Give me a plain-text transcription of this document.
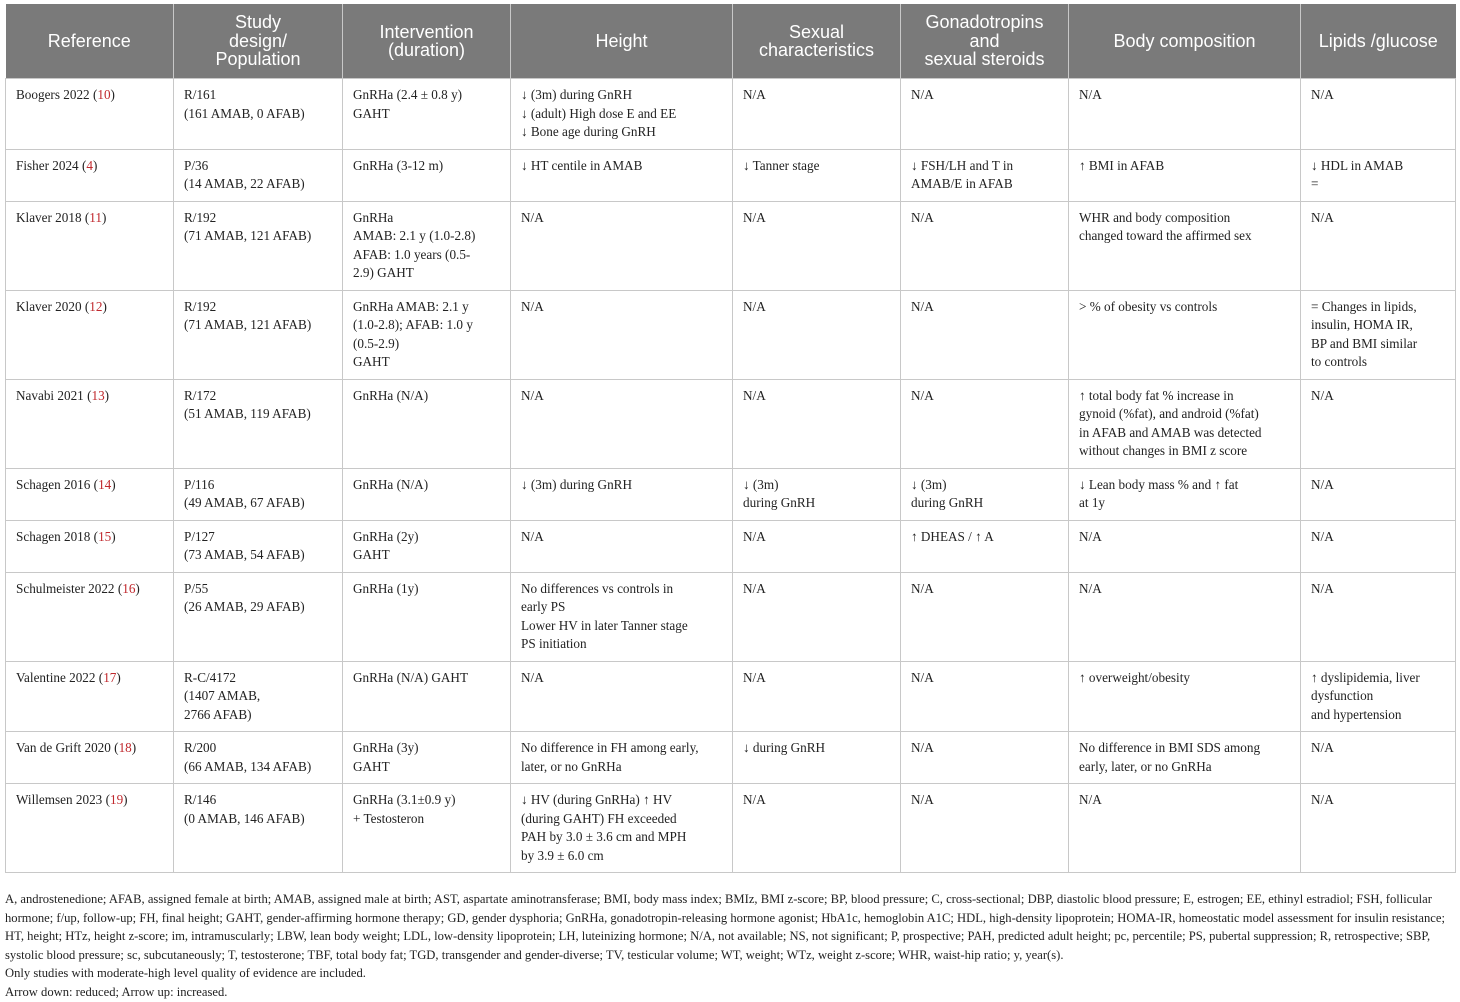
Reference	Study
design/
Population	Intervention
(duration)	Height	Sexual
characteristics	Gonadotropins
and
sexual steroids	Body composition	Lipids /glucose
Boogers 2022 (10)	R/161
(161 AMAB, 0 AFAB)	GnRHa (2.4 ± 0.8 y)
GAHT	↓ (3m) during GnRH
↓ (adult) High dose E and EE
↓ Bone age during GnRH	N/A	N/A	N/A	N/A
Fisher 2024 (4)	P/36
(14 AMAB, 22 AFAB)	GnRHa (3-12 m)	↓ HT centile in AMAB	↓ Tanner stage	↓ FSH/LH and T in
AMAB/E in AFAB	↑ BMI in AFAB	↓ HDL in AMAB
=
Klaver 2018 (11)	R/192
(71 AMAB, 121 AFAB)	GnRHa
AMAB: 2.1 y (1.0-2.8)
AFAB: 1.0 years (0.5-
2.9) GAHT	N/A	N/A	N/A	WHR and body composition
changed toward the affirmed sex	N/A
Klaver 2020 (12)	R/192
(71 AMAB, 121 AFAB)	GnRHa AMAB: 2.1 y
(1.0-2.8); AFAB: 1.0 y
(0.5-2.9)
GAHT	N/A	N/A	N/A	> % of obesity vs controls	= Changes in lipids,
insulin, HOMA IR,
BP and BMI similar
to controls
Navabi 2021 (13)	R/172
(51 AMAB, 119 AFAB)	GnRHa (N/A)	N/A	N/A	N/A	↑ total body fat % increase in
gynoid (%fat), and android (%fat)
in AFAB and AMAB was detected
without changes in BMI z score	N/A
Schagen 2016 (14)	P/116
(49 AMAB, 67 AFAB)	GnRHa (N/A)	↓ (3m) during GnRH	↓ (3m)
during GnRH	↓ (3m)
during GnRH	↓ Lean body mass % and ↑ fat
at 1y	N/A
Schagen 2018 (15)	P/127
(73 AMAB, 54 AFAB)	GnRHa (2y)
GAHT	N/A	N/A	↑ DHEAS / ↑ A	N/A	N/A
Schulmeister 2022 (16)	P/55
(26 AMAB, 29 AFAB)	GnRHa (1y)	No differences vs controls in
early PS
Lower HV in later Tanner stage
PS initiation	N/A	N/A	N/A	N/A
Valentine 2022 (17)	R-C/4172
(1407 AMAB,
2766 AFAB)	GnRHa (N/A) GAHT	N/A	N/A	N/A	↑ overweight/obesity	↑ dyslipidemia, liver
dysfunction
and hypertension
Van de Grift 2020 (18)	R/200
(66 AMAB, 134 AFAB)	GnRHa (3y)
GAHT	No difference in FH among early,
later, or no GnRHa	↓ during GnRH	N/A	No difference in BMI SDS among
early, later, or no GnRHa	N/A
Willemsen 2023 (19)	R/146
(0 AMAB, 146 AFAB)	GnRHa (3.1±0.9 y)
+ Testosteron	↓ HV (during GnRHa) ↑ HV
(during GAHT) FH exceeded
PAH by 3.0 ± 3.6 cm and MPH
by 3.9 ± 6.0 cm	N/A	N/A	N/A	N/A

A, androstenedione; AFAB, assigned female at birth; AMAB, assigned male at birth; AST, aspartate aminotransferase; BMI, body mass index; BMIz, BMI z-score; BP, blood pressure; C, cross-sectional; DBP, diastolic blood pressure; E, estrogen; EE, ethinyl estradiol; FSH, follicular hormone; f/up, follow-up; FH, final height; GAHT, gender-affirming hormone therapy; GD, gender dysphoria; GnRHa, gonadotropin-releasing hormone agonist; HbA1c, hemoglobin A1C; HDL, high-density lipoprotein; HOMA-IR, homeostatic model assessment for insulin resistance; HT, height; HTz, height z-score; im, intramuscularly; LBW, lean body weight; LDL, low-density lipoprotein; LH, luteinizing hormone; N/A, not available; NS, not significant; P, prospective; PAH, predicted adult height; pc, percentile; PS, pubertal suppression; R, retrospective; SBP, systolic blood pressure; sc, subcutaneously; T, testosterone; TBF, total body fat; TGD, transgender and gender-diverse; TV, testicular volume; WT, weight; WTz, weight z-score; WHR, waist-hip ratio; y, year(s).

Only studies with moderate-high level quality of evidence are included.

Arrow down: reduced; Arrow up: increased.
